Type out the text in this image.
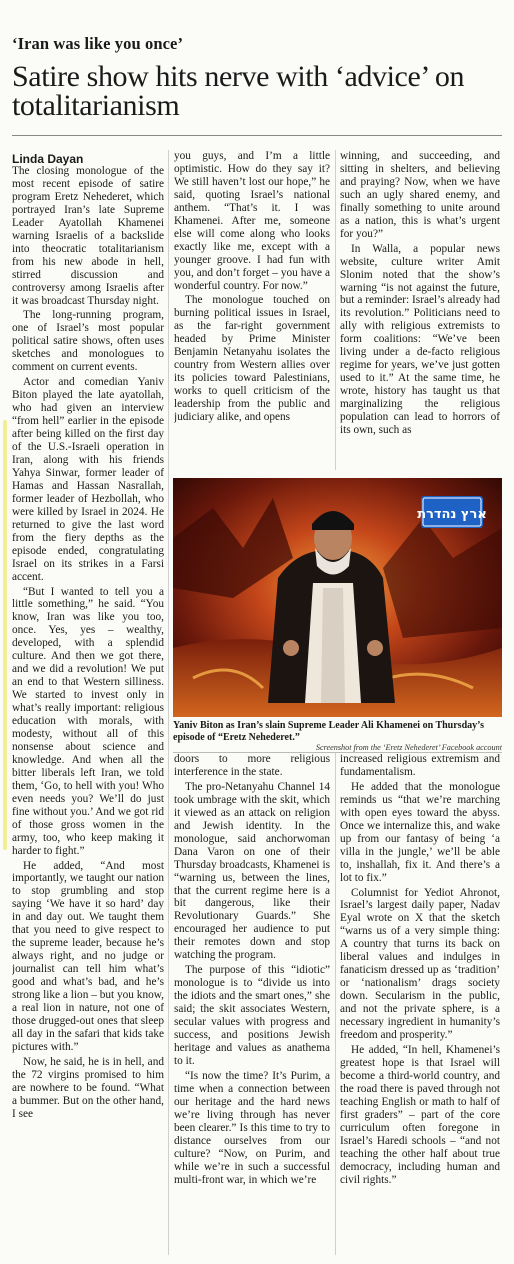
‘Iran was like you once’
Satire show hits nerve with ‘advice’ on totalitarianism
Linda Dayan

The closing monologue of the most recent episode of satire program Eretz Nehederet, which portrayed Iran’s late Supreme Leader Ayatollah Khamenei warning Israelis of a backslide into theocratic totalitarianism from his new abode in hell, stirred discussion and controversy among Israelis after it was broadcast Thursday night.

The long-running program, one of Israel’s most popular political satire shows, often uses sketches and monologues to comment on current events.

Actor and comedian Yaniv Biton played the late ayatollah, who had given an interview “from hell” earlier in the episode after being killed on the first day of the U.S.-Israeli operation in Iran, along with his friends Yahya Sinwar, former leader of Hamas and Hassan Nasrallah, former leader of Hezbollah, who were killed by Israel in 2024. He returned to give the last word from the fiery depths as the episode ended, congratulating Israel on its strikes in a Farsi accent.

“But I wanted to tell you a little something,” he said. “You know, Iran was like you too, once. Yes, yes – wealthy, developed, with a splendid culture. And then we got there, and we did a revolution! We put an end to that Western silliness. We started to invest only in what’s really important: religious education with morals, with modesty, without all of this nonsense about science and knowledge. And when all the bitter liberals left Iran, we told them, ‘Go, to hell with you! Who even needs you? We’ll do just fine without you.’ And we got rid of those gross women in the army, too, who keep making it harder to fight.”

He added, “And most importantly, we taught our nation to stop grumbling and stop saying ‘We have it so hard’ day in and day out. We taught them that you need to give respect to the supreme leader, because he’s always right, and no judge or journalist can tell him what’s good and what’s bad, and he’s strong like a lion – but you know, a real lion in nature, not one of those drugged-out ones that sleep all day in the safari that kids take pictures with.”

Now, he said, he is in hell, and the 72 virgins promised to him are nowhere to be found. “What a bummer. But on the other hand, I see

you guys, and I’m a little optimistic. How do they say it? We still haven’t lost our hope,” he said, quoting Israel’s national anthem. “That’s it. I was Khamenei. After me, someone else will come along who looks exactly like me, except with a younger groove. I had fun with you, and don’t forget – you have a wonderful country. For now.”

The monologue touched on burning political issues in Israel, as the far-right government headed by Prime Minister Benjamin Netanyahu isolates the country from Western allies over its policies toward Palestinians, works to quell criticism of the leadership from the public and judiciary alike, and opens

winning, and succeeding, and sitting in shelters, and believing and praying? Now, when we have such an ugly shared enemy, and finally something to unite around as a nation, this is what’s urgent for you?”

In Walla, a popular news website, culture writer Amit Slonim noted that the show’s warning “is not against the future, but a reminder: Israel’s already had its revolution.” Politicians need to ally with religious extremists to form coalitions: “We’ve been living under a de-facto religious regime for years, we’ve just gotten used to it.” At the same time, he wrote, history has taught us that marginalizing the religious population can lead to horrors of its own, such as

ארץ נהדרת
Yaniv Biton as Iran’s slain Supreme Leader Ali Khamenei on Thursday’s episode of “Eretz Nehederet.”
Screenshot from the ‘Eretz Nehederet’ Facebook account

doors to more religious interference in the state.

The pro-Netanyahu Channel 14 took umbrage with the skit, which it viewed as an attack on religion and Jewish identity. In the monologue, said anchorwoman Dana Varon on one of their Thursday broadcasts, Khamenei is “warning us, between the lines, that the current regime here is a bit dangerous, like their Revolutionary Guards.” She encouraged her audience to put their remotes down and stop watching the program.

The purpose of this “idiotic” monologue is to “divide us into the idiots and the smart ones,” she said; the skit associates Western, secular values with progress and success, and positions Jewish heritage and values as anathema to it.

“Is now the time? It’s Purim, a time when a connection between our heritage and the hard news we’re living through has never been clearer.” Is this time to try to distance ourselves from our culture? “Now, on Purim, and while we’re in such a successful multi-front war, in which we’re

increased religious extremism and fundamentalism.

He added that the monologue reminds us “that we’re marching with open eyes toward the abyss. Once we internalize this, and wake up from our fantasy of being ‘a villa in the jungle,’ we’ll be able to, inshallah, fix it. And there’s a lot to fix.”

Columnist for Yediot Ahronot, Israel’s largest daily paper, Nadav Eyal wrote on X that the sketch “warns us of a very simple thing: A country that turns its back on liberal values and indulges in fanaticism dressed up as ‘tradition’ or ‘nationalism’ drags society down. Secularism in the public, and not the private sphere, is a necessary ingredient in humanity’s freedom and prosperity.”

He added, “In hell, Khamenei’s greatest hope is that Israel will become a third-world country, and the road there is paved through not teaching English or math to half of first graders” – part of the core curriculum often foregone in Israel’s Haredi schools – “and not teaching the other half about true democracy, including human and civil rights.”
